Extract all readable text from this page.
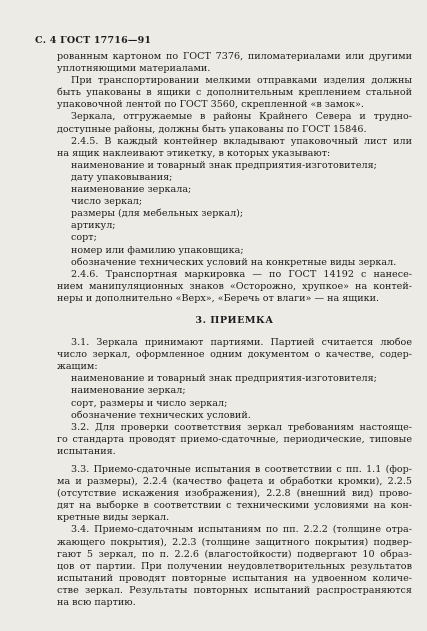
С. 4 ГОСТ 17716—91
рованным картоном по ГОСТ 7376, пиломатериалами или другими
уплотняющими материалами.
При транспортировании мелкими отправками изделия должны
быть упакованы в ящики с дополнительным креплением стальной
упаковочной лентой по ГОСТ 3560, скрепленной «в замок».
Зеркала, отгружаемые в районы Крайнего Севера и трудно-
доступные районы, должны быть упакованы по ГОСТ 15846.
2.4.5. В каждый контейнер вкладывают упаковочный лист или
на ящик наклеивают этикетку, в которых указывают:
наименование и товарный знак предприятия-изготовителя;
дату упаковывания;
наименование зеркала;
число зеркал;
размеры (для мебельных зеркал);
артикул;
сорт;
номер или фамилию упаковщика;
обозначение технических условий на конкретные виды зеркал.
2.4.6. Транспортная маркировка — по ГОСТ 14192 с нанесе-
нием манипуляционных знаков «Осторожно, хрупкое» на контей-
неры и дополнительно «Верх», «Беречь от влаги» — на ящики.
3. ПРИЕМКА
3.1. Зеркала принимают партиями. Партией считается любое
число зеркал, оформленное одним документом о качестве, содер-
жащим:
наименование и товарный знак предприятия-изготовителя;
наименование зеркал;
сорт, размеры и число зеркал;
обозначение технических условий.
3.2. Для проверки соответствия зеркал требованиям настояще-
го стандарта проводят приемо-сдаточные, периодические, типовые
испытания.
3.3. Приемо-сдаточные испытания в соответствии с пп. 1.1 (фор-
ма и размеры), 2.2.4 (качество фацета и обработки кромки), 2.2.5
(отсутствие искажения изображения), 2.2.8 (внешний вид) прово-
дят на выборке в соответствии с техническими условиями на кон-
кретные виды зеркал.
3.4. Приемо-сдаточным испытаниям по пп. 2.2.2 (толщине отра-
жающего покрытия), 2.2.3 (толщине защитного покрытия) подвер-
гают 5 зеркал, по п. 2.2.6 (влагостойкости) подвергают 10 образ-
цов от партии. При получении неудовлетворительных результатов
испытаний проводят повторные испытания на удвоенном количе-
стве зеркал. Результаты повторных испытаний распространяются
на всю партию.
